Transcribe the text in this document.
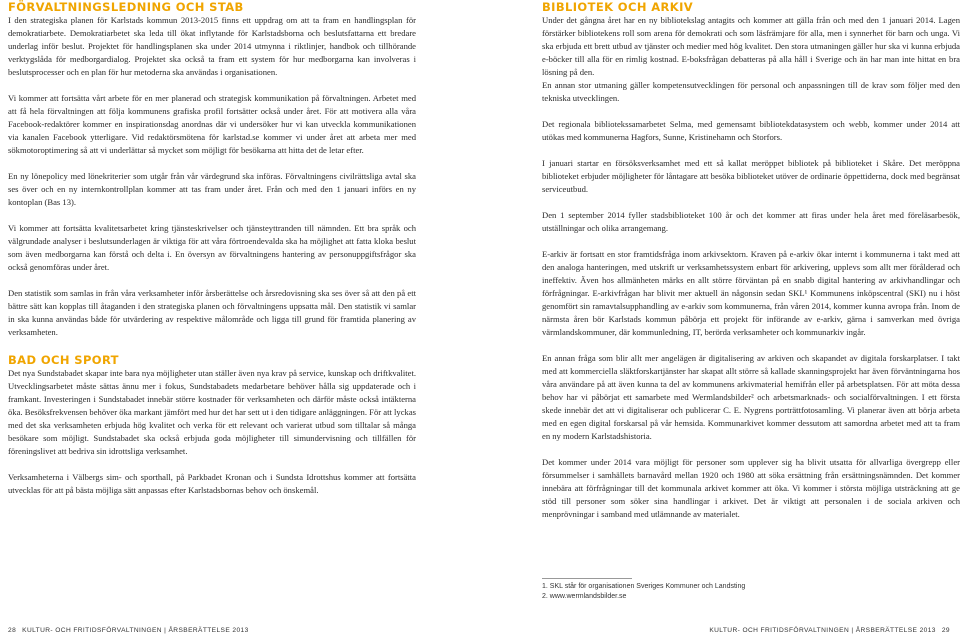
FÖRVALTNINGSLEDNING OCH STAB

I den strategiska planen för Karlstads kommun 2013-2015 finns ett uppdrag om att ta fram en handlingsplan för demokratiarbete. Demokratiarbetet ska leda till ökat inflytande för Karlstadsborna och beslutsfattarna ett bredare underlag inför beslut. Projektet för handlingsplanen ska under 2014 utmynna i riktlinjer, handbok och tillhörande verktygslåda för medborgardialog. Projektet ska också ta fram ett system för hur medborgarna kan involveras i beslutsprocesser och en plan för hur metoderna ska användas i organisationen.

Vi kommer att fortsätta vårt arbete för en mer planerad och strategisk kommunikation på förvaltningen. Arbetet med att få hela förvaltningen att följa kommunens grafiska profil fortsätter också under året. För att motivera alla våra Facebook-redaktörer kommer en inspirationsdag anordnas där vi undersöker hur vi kan utveckla kommunikationen via kanalen Facebook ytterligare. Vid redaktörsmötena för karlstad.se kommer vi under året att arbeta mer med sökmotoroptimering så att vi underlättar så mycket som möjligt för besökarna att hitta det de letar efter.

En ny lönepolicy med lönekriterier som utgår från vår värdegrund ska införas. Förvaltningens civilrättsliga avtal ska ses över och en ny internkontrollplan kommer att tas fram under året. Från och med den 1 januari införs en ny kontoplan (Bas 13).

Vi kommer att fortsätta kvalitetsarbetet kring tjänsteskrivelser och tjänsteyttranden till nämnden. Ett bra språk och välgrundade analyser i beslutsunderlagen är viktiga för att våra förtroendevalda ska ha möjlighet att fatta kloka beslut som även medborgarna kan förstå och delta i. En översyn av förvaltningens hantering av personuppgiftsfrågor ska också genomföras under året.

Den statistik som samlas in från våra verksamheter inför årsberättelse och årsredovisning ska ses över så att den på ett bättre sätt kan kopplas till åtaganden i den strategiska planen och förvaltningens uppsatta mål. Den statistik vi samlar in ska kunna användas både för utvärdering av respektive målområde och ligga till grund för framtida planering av verksamheten.

BAD OCH SPORT

Det nya Sundstabadet skapar inte bara nya möjligheter utan ställer även nya krav på service, kunskap och driftkvalitet. Utvecklingsarbetet måste sättas ännu mer i fokus, Sundstabadets medarbetare behöver hålla sig uppdaterade och i framkant. Investeringen i Sundstabadet innebär större kostnader för verksamheten och därför måste också intäkterna öka. Besöksfrekvensen behöver öka markant jämfört med hur det har sett ut i den tidigare anläggningen. För att lyckas med det ska verksamheten erbjuda hög kvalitet och verka för ett relevant och varierat utbud som tilltalar så många besökare som möjligt. Sundstabadet ska också erbjuda goda möjligheter till simundervisning och tillfällen för föreningslivet att bedriva sin idrottsliga verksamhet.

Verksamheterna i Välbergs sim- och sporthall, på Parkbadet Kronan och i Sundsta Idrottshus kommer att fortsätta utvecklas för att på bästa möjliga sätt anpassas efter Karlstadsbornas behov och önskemål.

BIBLIOTEK OCH ARKIV

Under det gångna året har en ny bibliotekslag antagits och kommer att gälla från och med den 1 januari 2014. Lagen förstärker bibliotekens roll som arena för demokrati och som läsfrämjare för alla, men i synnerhet för barn och unga. Vi ska erbjuda ett brett utbud av tjänster och medier med hög kvalitet. Den stora utmaningen gäller hur ska vi kunna erbjuda e-böcker till alla för en rimlig kostnad. E-boksfrågan debatteras på alla håll i Sverige och än har man inte hittat en bra lösning på den.

En annan stor utmaning gäller kompetensutvecklingen för personal och anpassningen till de krav som följer med den tekniska utvecklingen.

Det regionala bibliotekssamarbetet Selma, med gemensamt bibliotekdatasystem och webb, kommer under 2014 att utökas med kommunerna Hagfors, Sunne, Kristinehamn och Storfors.

I januari startar en försöksverksamhet med ett så kallat meröppet bibliotek på biblioteket i Skåre. Det meröppna biblioteket erbjuder möjligheter för låntagare att besöka biblioteket utöver de ordinarie öppettiderna, dock med begränsat serviceutbud.

Den 1 september 2014 fyller stadsbiblioteket 100 år och det kommer att firas under hela året med föreläsarbesök, utställningar och olika arrangemang.

E-arkiv är fortsatt en stor framtidsfråga inom arkivsektorn. Kraven på e-arkiv ökar internt i kommunerna i takt med att den analoga hanteringen, med utskrift ur verksamhetssystem enbart för arkivering, upplevs som allt mer förålderad och ineffektiv. Även hos allmänheten märks en allt större förväntan på en snabb digital hantering av arkivhandlingar och förfrågningar. E-arkivfrågan har blivit mer aktuell än någonsin sedan SKL¹ Kommunens inköpscentral (SKI) nu i höst genomfört sin ramavtalsupphandling av e-arkiv som kommunerna, från våren 2014, kommer kunna avropa från. Inom de närmsta åren bör Karlstads kommun påbörja ett projekt för införande av e-arkiv, gärna i samverkan med övriga värmlandskommuner, där kommunledning, IT, berörda verksamheter och kommunarkiv ingår.

En annan fråga som blir allt mer angelägen är digitalisering av arkiven och skapandet av digitala forskarplatser. I takt med att kommerciella släktforskartjänster har skapat allt större så kallade skanningsprojekt har även förväntningarna hos våra användare på att även kunna ta del av kommunens arkivmaterial hemifrån eller på arbetsplatsen. För att möta dessa behov har vi påbörjat ett samarbete med Wermlandsbilder² och arbetsmarknads- och socialförvaltningen. I ett första skede innebär det att vi digitaliserar och publicerar C. E. Nygrens porträttfotosamling. Vi planerar även att börja arbeta med en egen digital forskarsal på vår hemsida. Kommunarkivet kommer dessutom att samordna arbetet med att ta fram en ny modern Karlstadshistoria.

Det kommer under 2014 vara möjligt för personer som upplever sig ha blivit utsatta för allvarliga övergrepp eller försummelser i samhällets barnavård mellan 1920 och 1980 att söka ersättning från ersättningsnämnden. Det kommer innebära att förfrågningar till det kommunala arkivet kommer att öka. Vi kommer i största möjliga utsträckning att ge stöd till personer som söker sina handlingar i arkivet. Det är viktigt att personalen i de sociala arkiven och menprövningar i samband med utlämnande av materialet.

1. SKL står för organisationen Sveriges Kommuner och Landsting
2. www.wermlandsbilder.se
28 KULTUR- OCH FRITIDSFÖRVALTNINGEN | ÅRSBERÄTTELSE 2013	KULTUR- OCH FRITIDSFÖRVALTNINGEN | ÅRSBERÄTTELSE 2013 29
